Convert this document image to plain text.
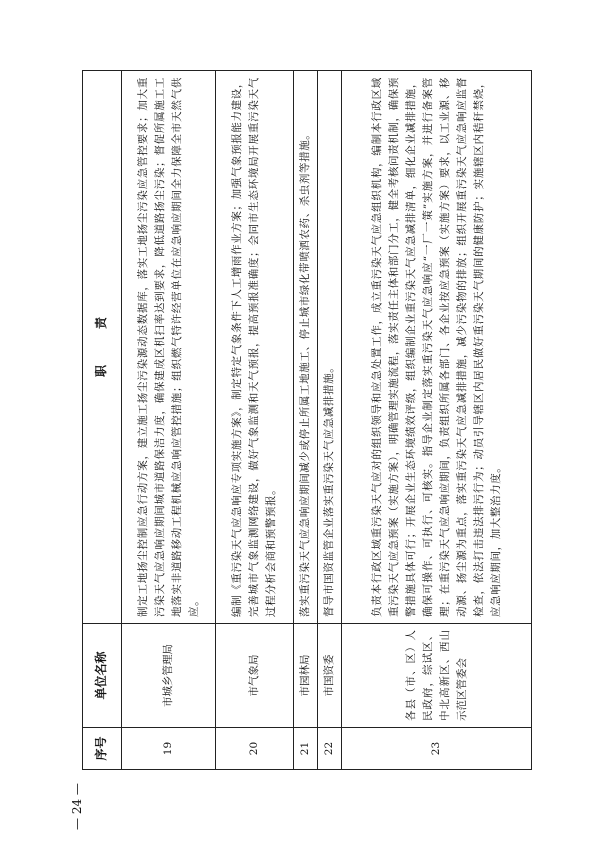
序号	单位名称	职　　　责
19	市城乡管理局	制定工地扬尘控制应急行动方案，建立施工扬尘污染源动态数据库，落实工地扬尘污染应急管控要求；加大重污染天气应急响应期间城市道路保洁力度，确保建成区机扫率达到要求，降低道路扬尘污染；督促所属施工工地落实非道路移动工程机械应急响应管控措施；组织燃气特许经营单位在应急响应期间全力保障全市天然气供应。
20	市气象局	编制《重污染天气应急响应专项实施方案》，制定特定气象条件下人工增雨作业方案；加强气象预报能力建设，完善城市气象监测网络建设，做好气象监测和天气预报，提高预报准确度；会同市生态环境局开展重污染天气过程分析会商和预警预报。
21	市园林局	落实重污染天气应急响应期间减少或停止所属工地施工、停止城市绿化带喷洒农药、杀虫剂等措施。
22	市国资委	督导市国资监管企业落实重污染天气应急减排措施。
23	各县（市、区）人民政府，综试区、中北高新区、西山示范区管委会	负责本行政区域重污染天气应对的组织领导和应急处置工作，成立重污染天气应急组织机构，编制本行政区域重污染天气应急预案（实施方案），明确管理实施流程，落实责任主体和部门分工，健全考核问责机制，确保预警措施具体可行；开展企业生态环境绩效评级，组织编制企业重污染天气应急减排清单，细化企业减排措施，确保可操作、可执行、可核实。指导企业制定落实重污染天气应急响应“一厂一策”实施方案，并进行备案管理；在重污染天气应急响应期间，负责组织所属各部门、各企业按应急预案（实施方案）要求，以工业源、移动源、扬尘源为重点，落实重污染天气应急减排措施，减少污染物的排放；组织开展重污染天气应急响应监督检查，依法打击违法排污行为；动员引导辖区内居民做好重污染天气期间的健康防护；实施辖区内秸秆禁烧，应急响应期间，加大整治力度。
— 24 —
